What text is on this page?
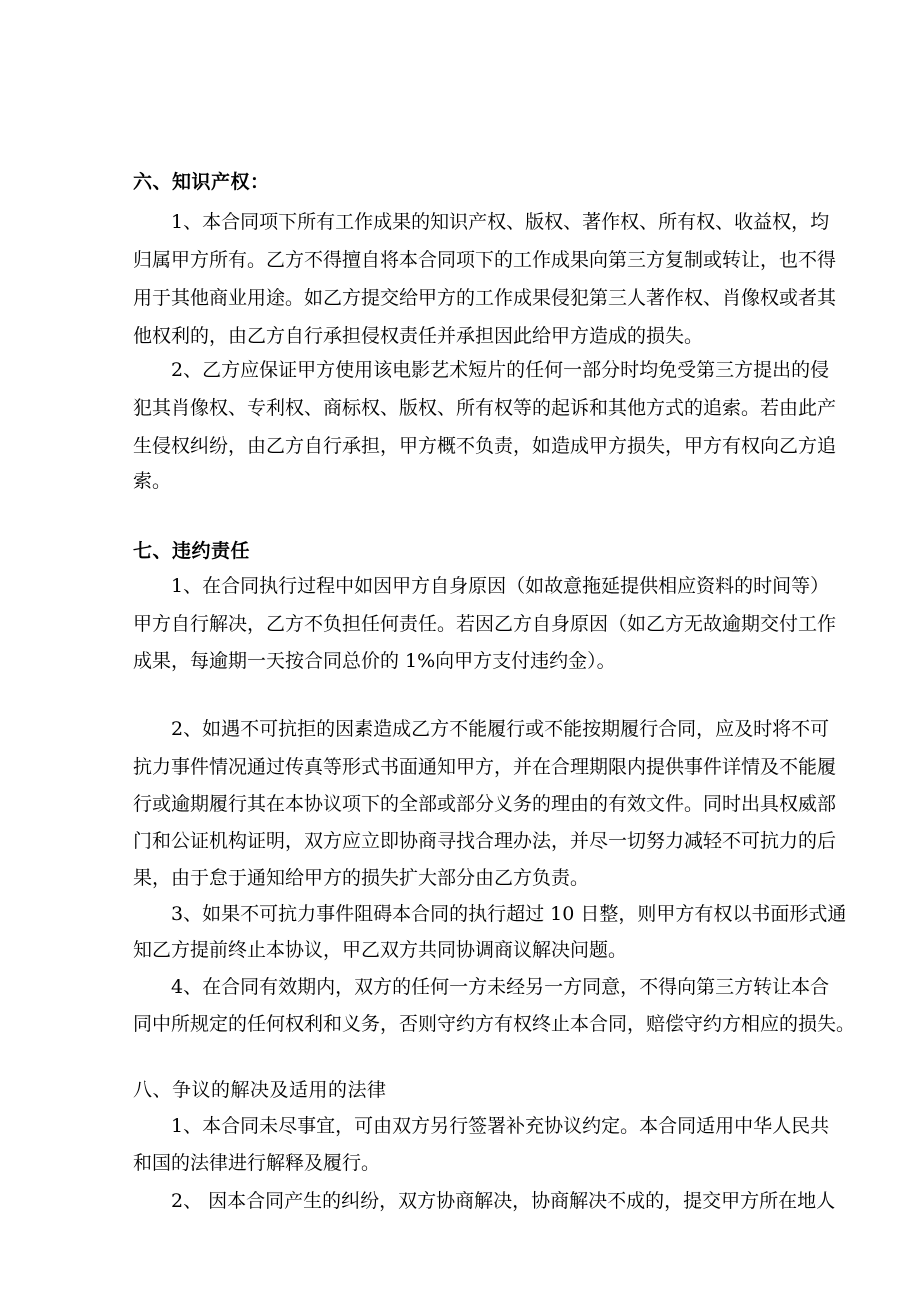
六、知识产权：
1、本合同项下所有工作成果的知识产权、版权、著作权、所有权、收益权，均
归属甲方所有。乙方不得擅自将本合同项下的工作成果向第三方复制或转让，也不得
用于其他商业用途。如乙方提交给甲方的工作成果侵犯第三人著作权、肖像权或者其
他权利的，由乙方自行承担侵权责任并承担因此给甲方造成的损失。
2、乙方应保证甲方使用该电影艺术短片的任何一部分时均免受第三方提出的侵
犯其肖像权、专利权、商标权、版权、所有权等的起诉和其他方式的追索。若由此产
生侵权纠纷，由乙方自行承担，甲方概不负责，如造成甲方损失，甲方有权向乙方追
索。
七、违约责任
1、在合同执行过程中如因甲方自身原因（如故意拖延提供相应资料的时间等）
甲方自行解决，乙方不负担任何责任。若因乙方自身原因（如乙方无故逾期交付工作
成果，每逾期一天按合同总价的 1%向甲方支付违约金）。
2、如遇不可抗拒的因素造成乙方不能履行或不能按期履行合同，应及时将不可
抗力事件情况通过传真等形式书面通知甲方，并在合理期限内提供事件详情及不能履
行或逾期履行其在本协议项下的全部或部分义务的理由的有效文件。同时出具权威部
门和公证机构证明，双方应立即协商寻找合理办法，并尽一切努力减轻不可抗力的后
果，由于怠于通知给甲方的损失扩大部分由乙方负责。
3、如果不可抗力事件阻碍本合同的执行超过 10 日整，则甲方有权以书面形式通
知乙方提前终止本协议，甲乙双方共同协调商议解决问题。
4、在合同有效期内，双方的任何一方未经另一方同意，不得向第三方转让本合
同中所规定的任何权利和义务，否则守约方有权终止本合同，赔偿守约方相应的损失。
八、争议的解决及适用的法律
1、本合同未尽事宜，可由双方另行签署补充协议约定。本合同适用中华人民共
和国的法律进行解释及履行。
2、 因本合同产生的纠纷，双方协商解决，协商解决不成的，提交甲方所在地人
